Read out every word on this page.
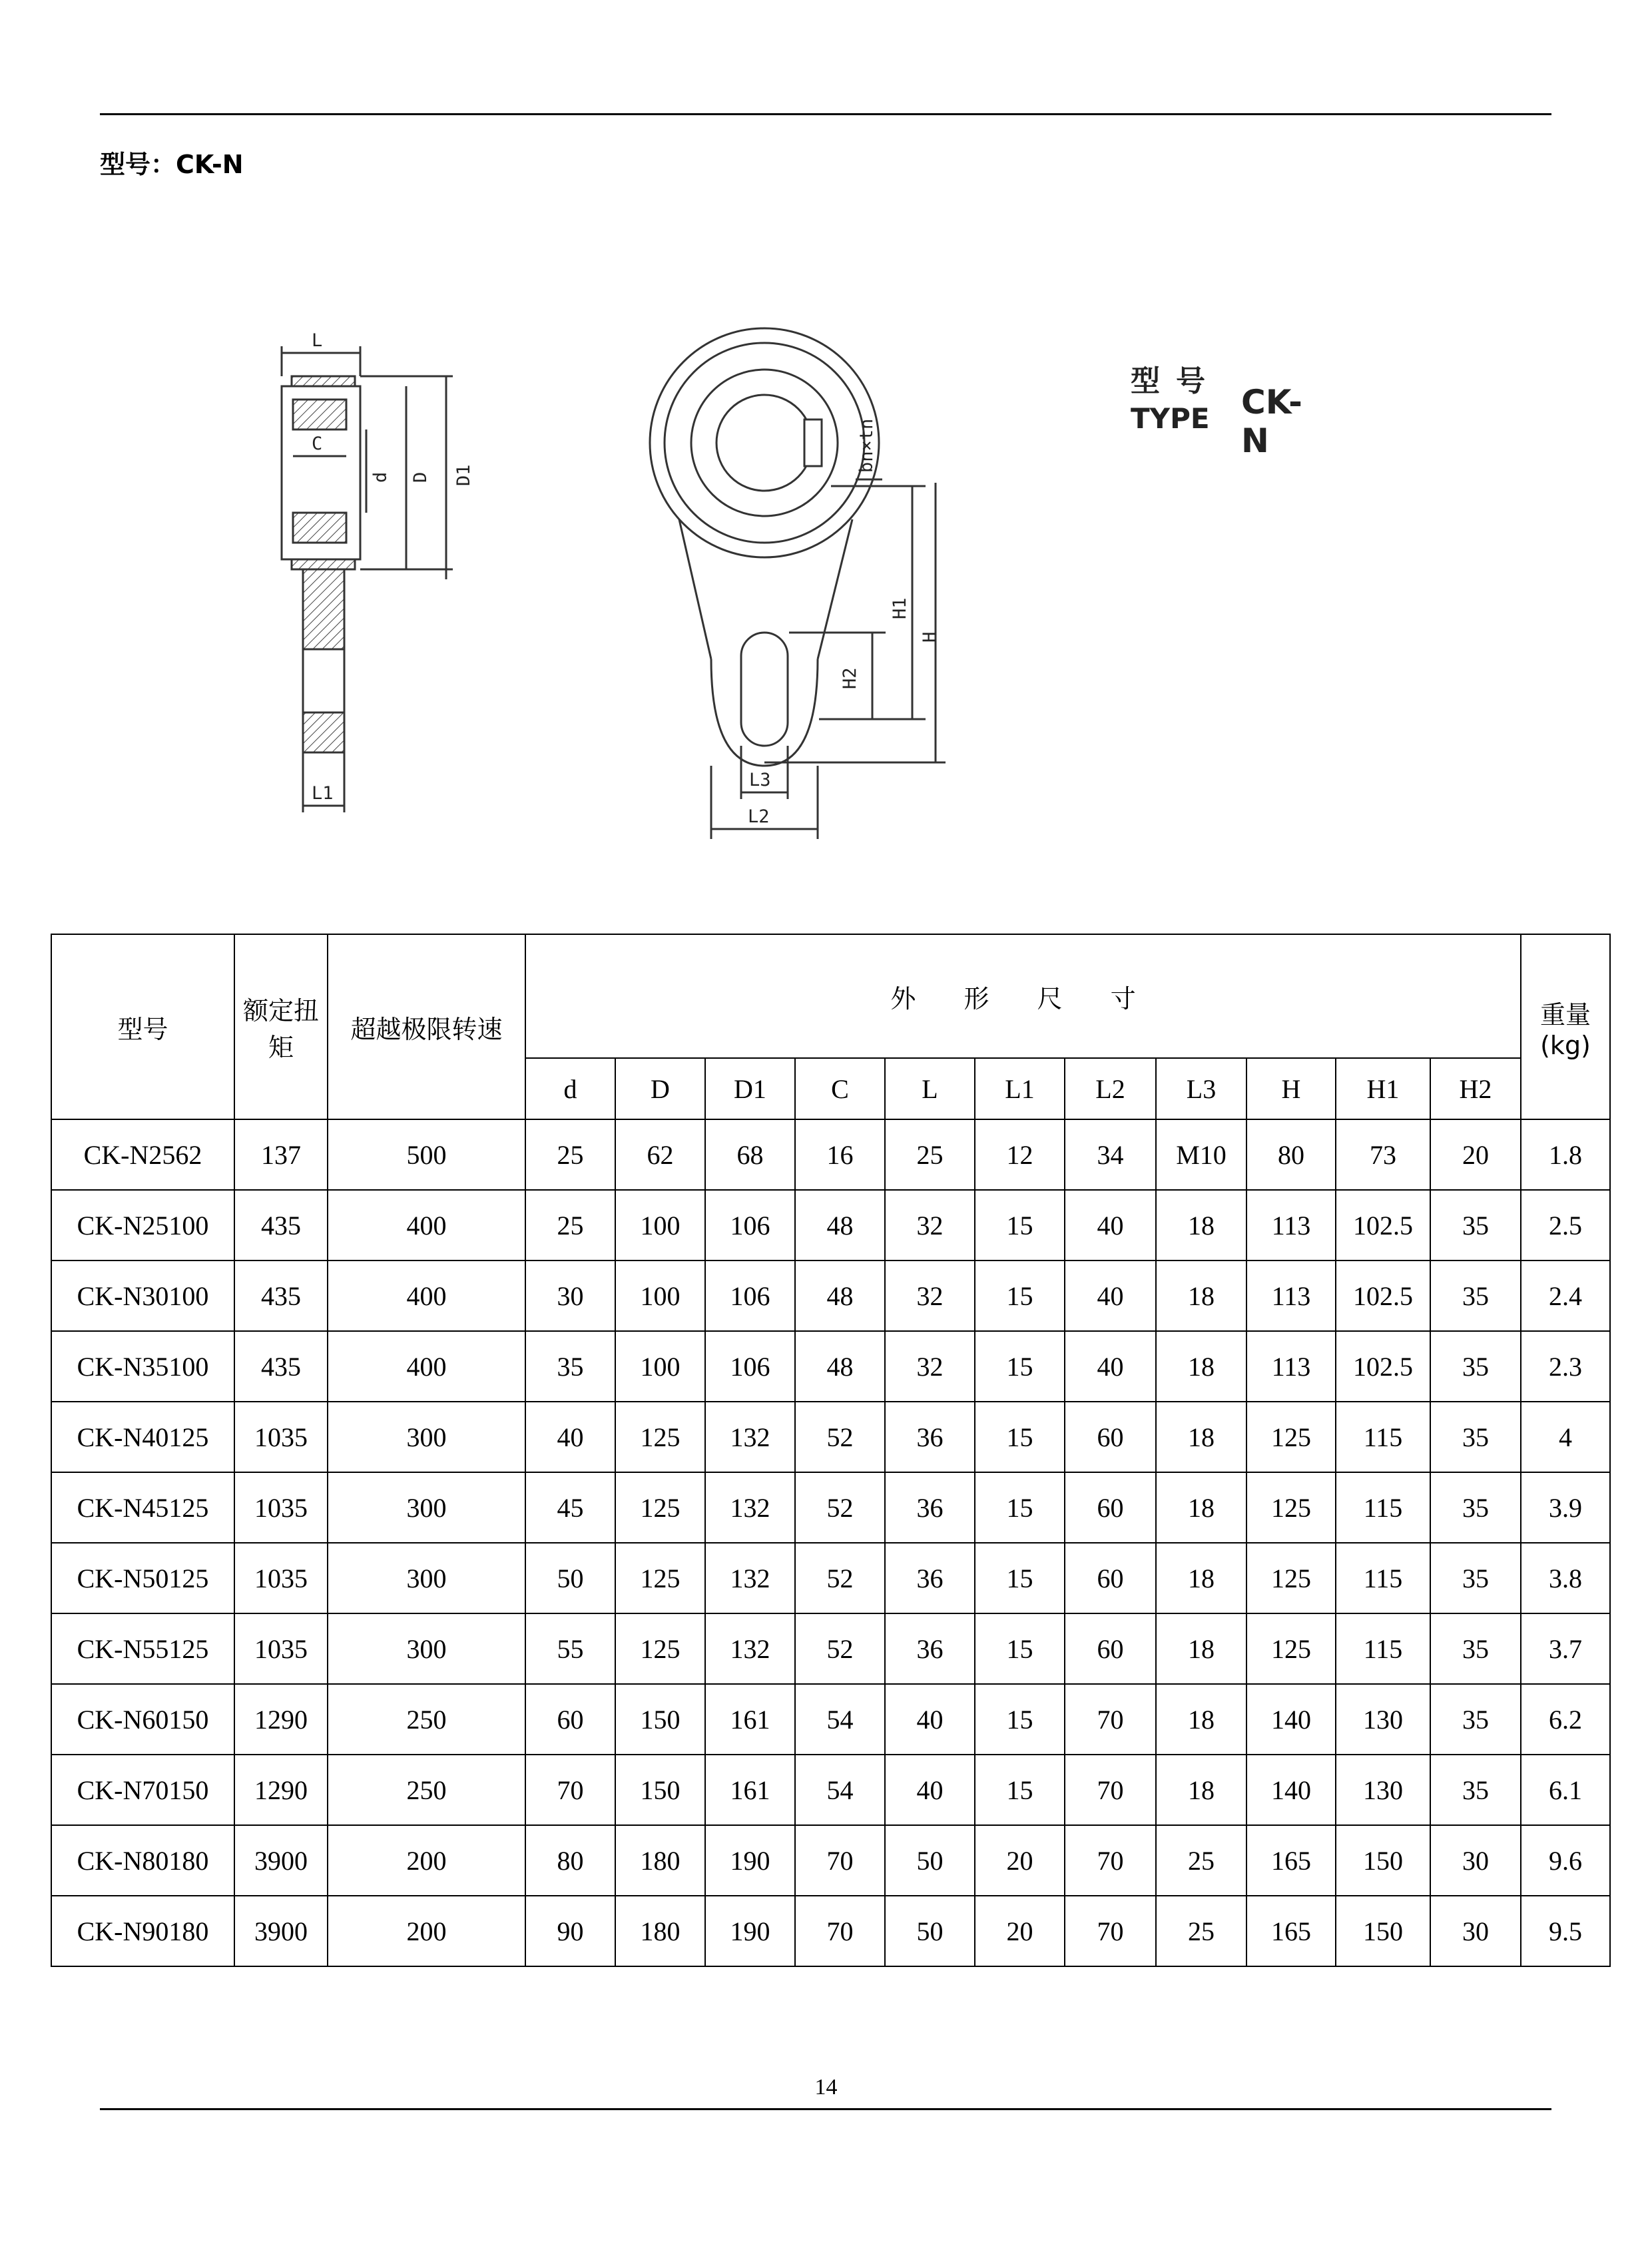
型号：CK-N
L
C
d D D1
L1
bn×tn
H1
H
H2
L3
L2
型号
TYPE CK-N
型号	额定扭矩	超越极限转速	外 形 尺 寸											重量(kg)
			d	D	D1	C	L	L1	L2	L3	H	H1	H2	
CK-N2562	137	500	25	62	68	16	25	12	34	M10	80	73	20	1.8
CK-N25100	435	400	25	100	106	48	32	15	40	18	113	102.5	35	2.5
CK-N30100	435	400	30	100	106	48	32	15	40	18	113	102.5	35	2.4
CK-N35100	435	400	35	100	106	48	32	15	40	18	113	102.5	35	2.3
CK-N40125	1035	300	40	125	132	52	36	15	60	18	125	115	35	4
CK-N45125	1035	300	45	125	132	52	36	15	60	18	125	115	35	3.9
CK-N50125	1035	300	50	125	132	52	36	15	60	18	125	115	35	3.8
CK-N55125	1035	300	55	125	132	52	36	15	60	18	125	115	35	3.7
CK-N60150	1290	250	60	150	161	54	40	15	70	18	140	130	35	6.2
CK-N70150	1290	250	70	150	161	54	40	15	70	18	140	130	35	6.1
CK-N80180	3900	200	80	180	190	70	50	20	70	25	165	150	30	9.6
CK-N90180	3900	200	90	180	190	70	50	20	70	25	165	150	30	9.5
14
